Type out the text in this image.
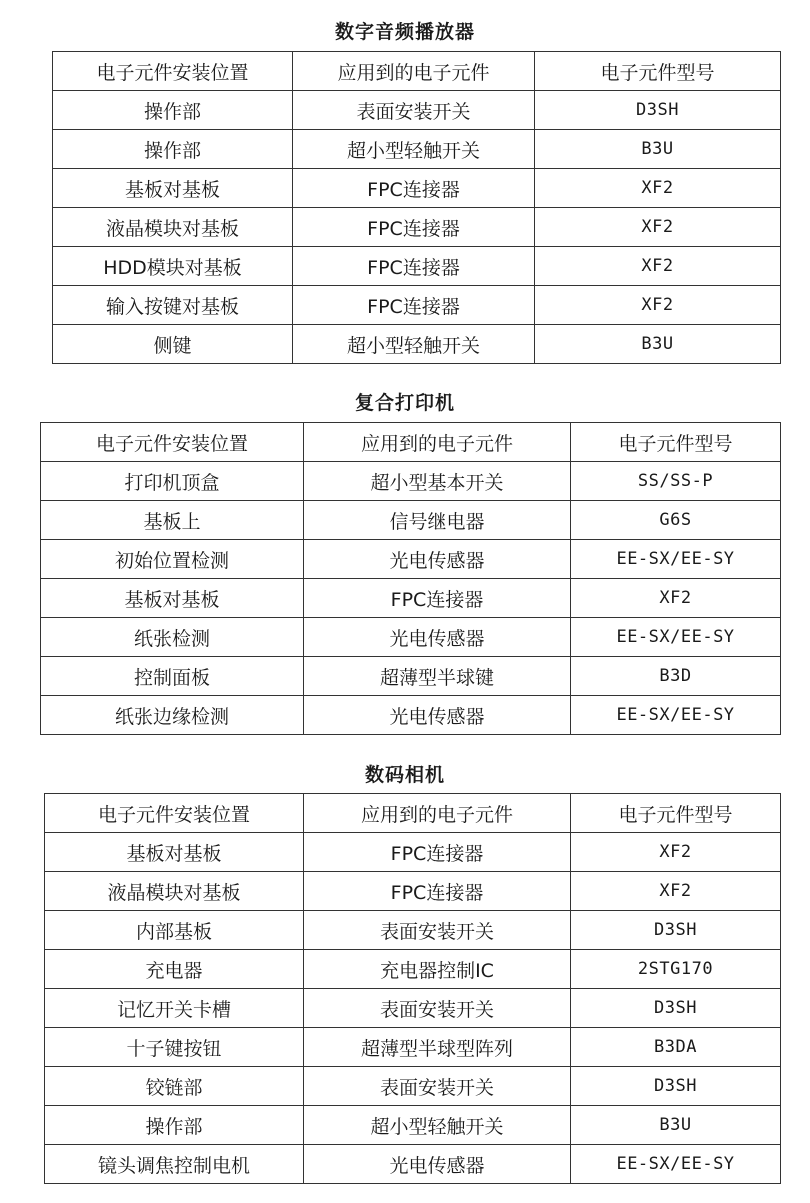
数字音频播放器
电子元件安装位置	应用到的电子元件	电子元件型号
操作部	表面安装开关	D3SH
操作部	超小型轻触开关	B3U
基板对基板	FPC连接器	XF2
液晶模块对基板	FPC连接器	XF2
HDD模块对基板	FPC连接器	XF2
输入按键对基板	FPC连接器	XF2
侧键	超小型轻触开关	B3U
复合打印机
电子元件安装位置	应用到的电子元件	电子元件型号
打印机顶盒	超小型基本开关	SS/SS-P
基板上	信号继电器	G6S
初始位置检测	光电传感器	EE-SX/EE-SY
基板对基板	FPC连接器	XF2
纸张检测	光电传感器	EE-SX/EE-SY
控制面板	超薄型半球键	B3D
纸张边缘检测	光电传感器	EE-SX/EE-SY
数码相机
电子元件安装位置	应用到的电子元件	电子元件型号
基板对基板	FPC连接器	XF2
液晶模块对基板	FPC连接器	XF2
内部基板	表面安装开关	D3SH
充电器	充电器控制IC	2STG170
记忆开关卡槽	表面安装开关	D3SH
十子键按钮	超薄型半球型阵列	B3DA
铰链部	表面安装开关	D3SH
操作部	超小型轻触开关	B3U
镜头调焦控制电机	光电传感器	EE-SX/EE-SY
